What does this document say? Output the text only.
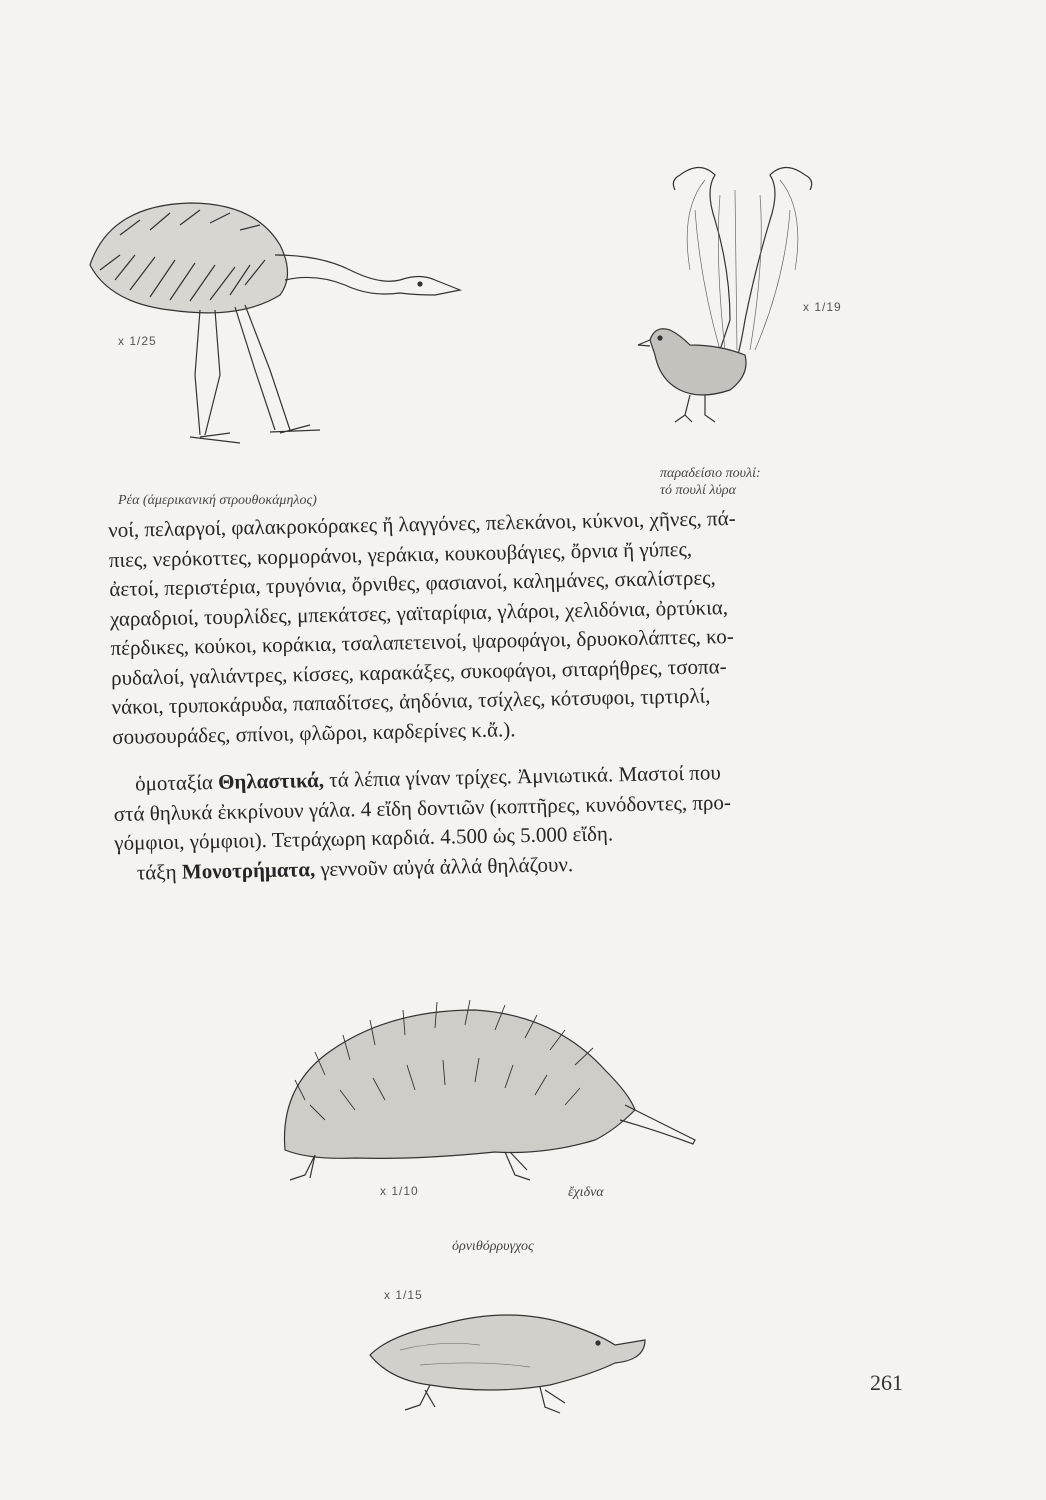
x 1/25
Ρέα (άμερικανική στρουθοκάμηλος)
x 1/19
παραδείσιο πουλί:
τό πουλί λύρα

νοί, πελαργοί, φαλακροκόρακες ἤ λαγγόνες, πελεκάνοι, κύκνοι, χῆνες, πά-
πιες, νερόκοττες, κορμοράνοι, γεράκια, κουκουβάγιες, ὄρνια ἤ γύπες,
ἀετοί, περιστέρια, τρυγόνια, ὄρνιθες, φασιανοί, καλημάνες, σκαλίστρες,
χαραδριοί, τουρλίδες, μπεκάτσες, γαϊταρίφια, γλάροι, χελιδόνια, ὀρτύκια,
πέρδικες, κούκοι, κοράκια, τσαλαπετεινοί, ψαροφάγοι, δρυοκολάπτες, κο-
ρυδαλοί, γαλιάντρες, κίσσες, καρακάξες, συκοφάγοι, σιταρήθρες, τσοπα-
νάκοι, τρυποκάρυδα, παπαδίτσες, ἀηδόνια, τσίχλες, κότσυφοι, τιρτιρλί,
σουσουράδες, σπίνοι, φλῶροι, καρδερίνες κ.ἄ.).

ὁμοταξία Θηλαστικά, τά λέπια γίναν τρίχες. Ἀμνιωτικά. Μαστοί που
στά θηλυκά ἐκκρίνουν γάλα. 4 εἴδη δοντιῶν (κοπτῆρες, κυνόδοντες, προ-
γόμφιοι, γόμφιοι). Τετράχωρη καρδιά. 4.500 ὡς 5.000 εἴδη.

τάξη Μονοτρήματα, γεννοῦν αὐγά ἀλλά θηλάζουν.

x 1/10	ἔχιδνα
ὀρνιθόρρυγχος
x 1/15
261
